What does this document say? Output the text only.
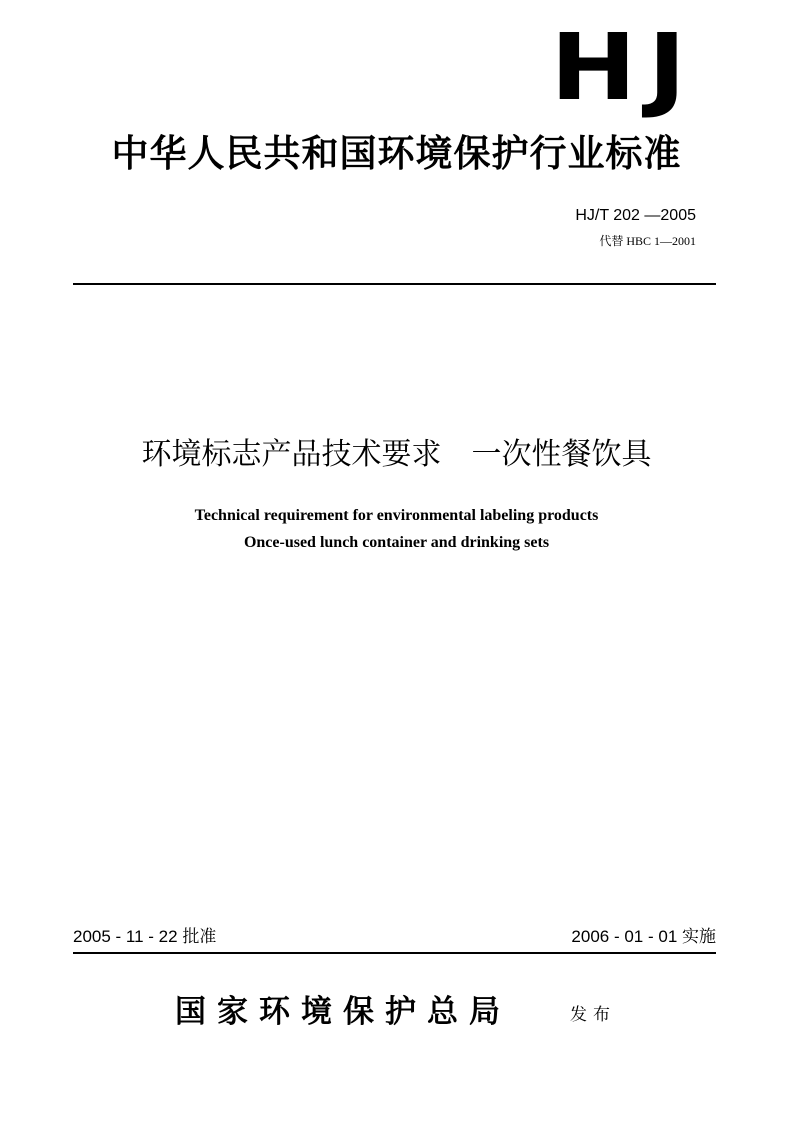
HJ
中华人民共和国环境保护行业标准
HJ/T 202 —2005
代替 HBC 1—2001
环境标志产品技术要求　一次性餐饮具
Technical requirement for environmental labeling products
Once-used lunch container and drinking sets
2005 - 11 - 22 批准	2006 - 01 - 01 实施
国家环境保护总局	发布
